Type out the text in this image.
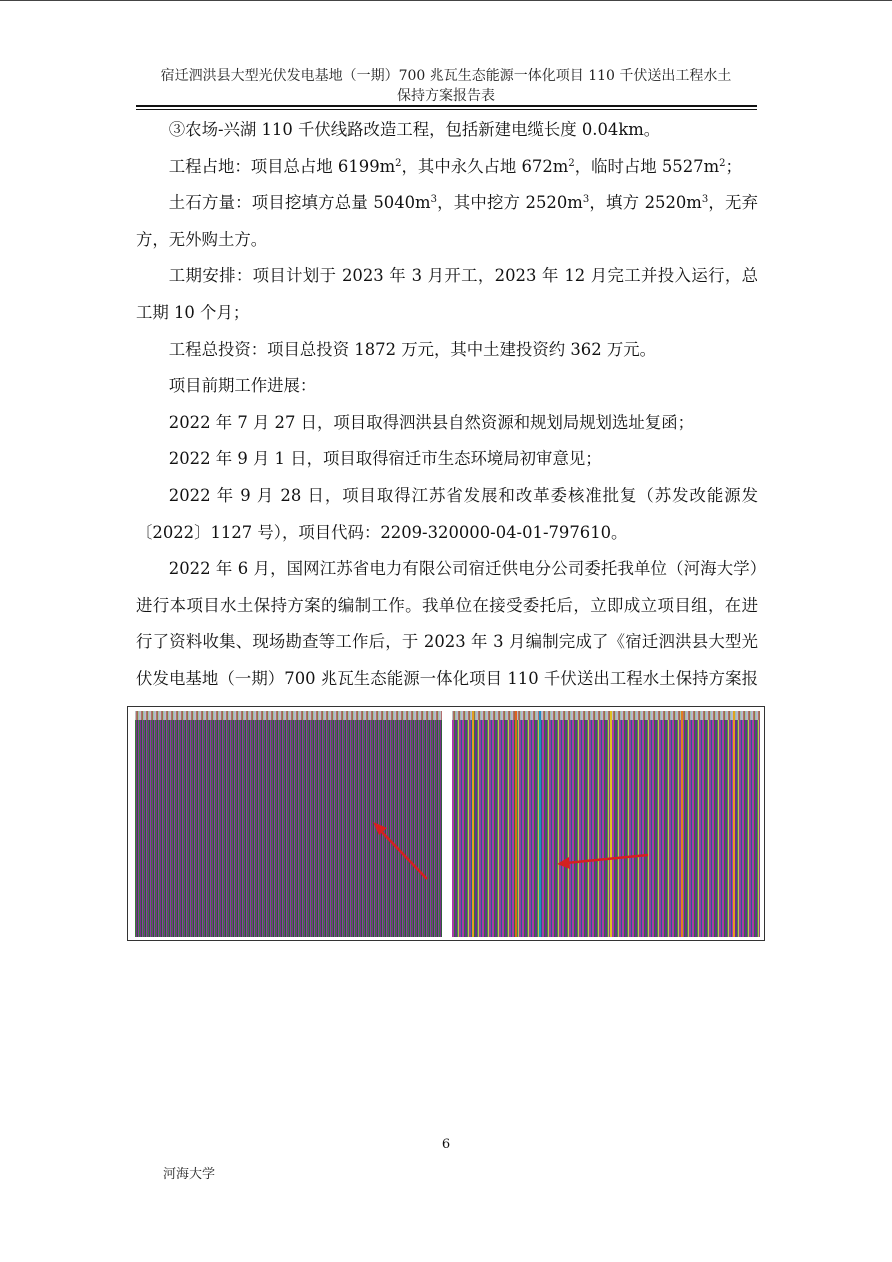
宿迁泗洪县大型光伏发电基地（一期）700 兆瓦生态能源一体化项目 110 千伏送出工程水土
保持方案报告表

③农场-兴湖 110 千伏线路改造工程，包括新建电缆长度 0.04km。

工程占地：项目总占地 $6199m^2$，其中永久占地 $672m^2$，临时占地 $5527m^2$；

土石方量：项目挖填方总量 $5040m^3$，其中挖方 $2520m^3$，填方 $2520m^3$，无弃方，无外购土方。

工期安排：项目计划于 2023 年 3 月开工，2023 年 12 月完工并投入运行，总工期 10 个月；

工程总投资：项目总投资 1872 万元，其中土建投资约 362 万元。

项目前期工作进展：

2022 年 7 月 27 日，项目取得泗洪县自然资源和规划局规划选址复函；

2022 年 9 月 1 日，项目取得宿迁市生态环境局初审意见；

2022 年 9 月 28 日，项目取得江苏省发展和改革委核准批复（苏发改能源发〔2022〕1127 号），项目代码：2209-320000-04-01-797610。

2022 年 6 月，国网江苏省电力有限公司宿迁供电分公司委托我单位（河海大学）进行本项目水土保持方案的编制工作。我单位在接受委托后，立即成立项目组，在进行了资料收集、现场勘查等工作后，于 2023 年 3 月编制完成了《宿迁泗洪县大型光伏发电基地（一期）700 兆瓦生态能源一体化项目 110 千伏送出工程水土保持方案报

6
河海大学
